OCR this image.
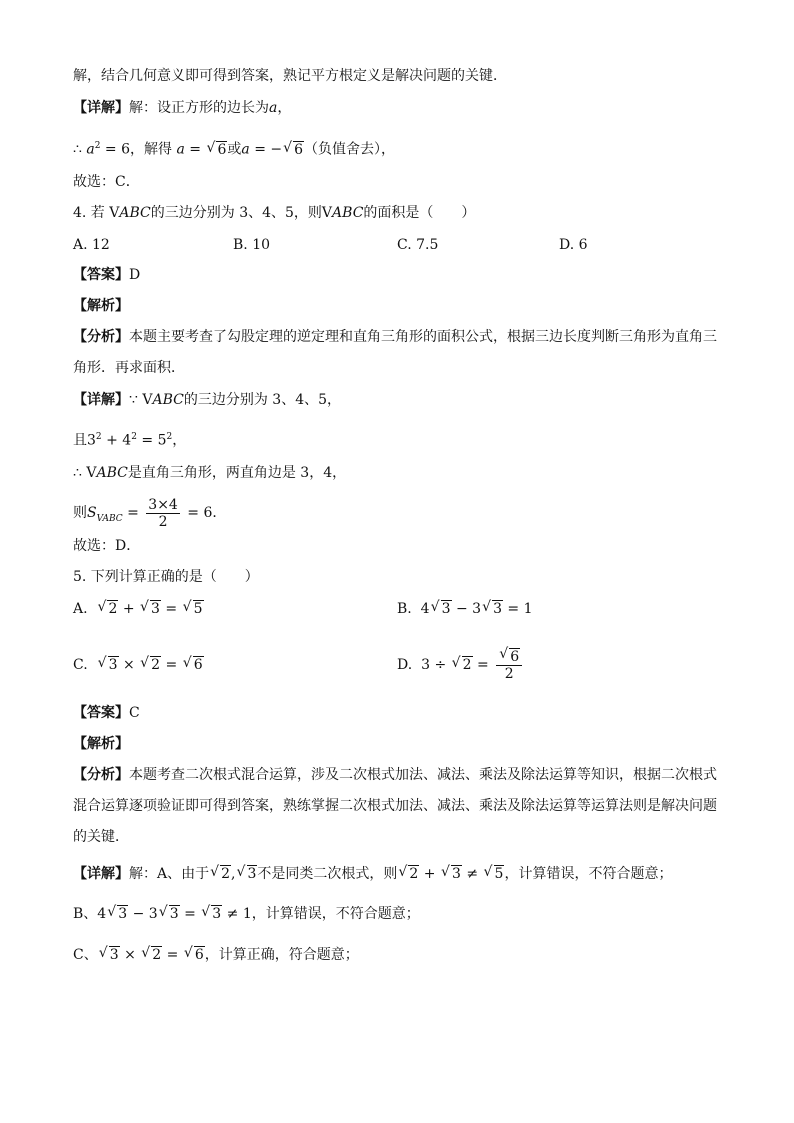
解，结合几何意义即可得到答案，熟记平方根定义是解决问题的关键．
【详解】解：设正方形的边长为a，
∴ $a^2 = 6$，解得 a = √ 6或a = − √ 6（负值舍去），
故选：C．
4. 若 VABC的三边分别为 3、4、5，则VABC的面积是（　　）
A. 12	B. 10	C. 7.5	D. 6
【答案】D
【解析】
【分析】本题主要考查了勾股定理的逆定理和直角三角形的面积公式，根据三边长度判断三角形为直角三
角形．再求面积．
【详解】∵ VABC的三边分别为 3、4、5，
且$3^2 + 4^2 = 5^2$，
∴ VABC是直角三角形，两直角边是 3，4，
则$S_{VABC} = \frac{3\times 4}{2} = 6$．
故选：D．
5. 下列计算正确的是（　　）
A. √ 2 + √ 3 = √ 5	B. 4 √ 3 − 3 √ 3 = 1
C. √ 3 × √ 2 = √ 6	D. 3 ÷ √ 2 = √ $\frac{6}{2}$
【答案】C
【解析】
【分析】本题考查二次根式混合运算，涉及二次根式加法、减法、乘法及除法运算等知识，根据二次根式
混合运算逐项验证即可得到答案，熟练掌握二次根式加法、减法、乘法及除法运算等运算法则是解决问题
的关键．
【详解】解：A、由于 √ 2, √ 3不是同类二次根式，则 √ 2 + √ 3 ≠ √ 5，计算错误，不符合题意；
B、4 √ 3 − 3 √ 3 = √ 3 ≠ 1，计算错误，不符合题意；
C、 √ 3 × √ 2 = √ 6，计算正确，符合题意；
